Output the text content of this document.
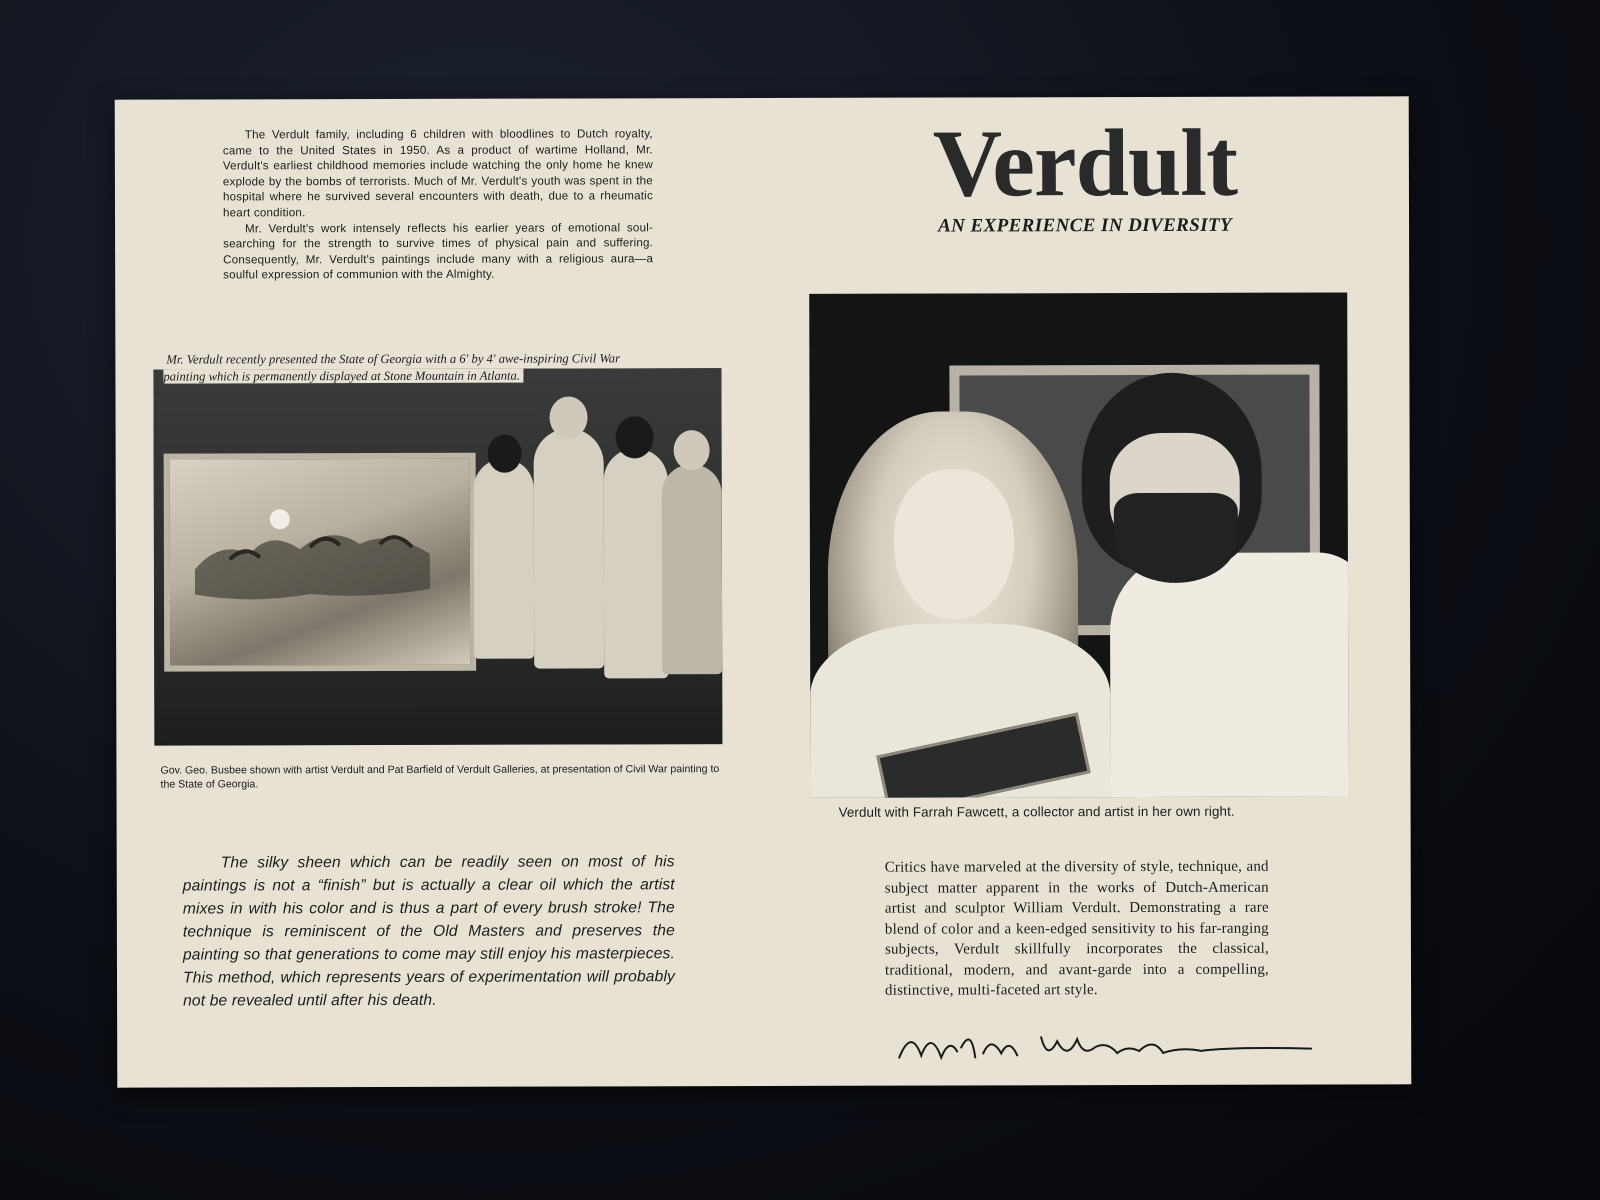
The Verdult family, including 6 children with bloodlines to Dutch royalty, came to the United States in 1950. As a product of wartime Holland, Mr. Verdult's earliest childhood memories include watching the only home he knew explode by the bombs of terrorists. Much of Mr. Verdult's youth was spent in the hospital where he survived several encounters with death, due to a rheumatic heart condition.

Mr. Verdult's work intensely reflects his earlier years of emotional soul-searching for the strength to survive times of physical pain and suffering. Consequently, Mr. Verdult's paintings include many with a religious aura—a soulful expression of communion with the Almighty.

Mr. Verdult recently presented the State of Georgia with a 6' by 4' awe-inspiring Civil War painting which is permanently displayed at Stone Mountain in Atlanta.
Gov. Geo. Busbee shown with artist Verdult and Pat Barfield of Verdult Galleries, at presentation of Civil War painting to the State of Georgia.

The silky sheen which can be readily seen on most of his paintings is not a “finish” but is actually a clear oil which the artist mixes in with his color and is thus a part of every brush stroke! The technique is reminiscent of the Old Masters and preserves the painting so that generations to come may still enjoy his masterpieces. This method, which represents years of experimentation will probably not be revealed until after his death.

Verdult
AN EXPERIENCE IN DIVERSITY
Verdult with Farrah Fawcett, a collector and artist in her own right.
Critics have marveled at the diversity of style, technique, and subject matter apparent in the works of Dutch-American artist and sculptor William Verdult. Demonstrating a rare blend of color and a keen-edged sensitivity to his far-ranging subjects, Verdult skillfully incorporates the classical, traditional, modern, and avant-garde into a compelling, distinctive, multi-faceted art style.
